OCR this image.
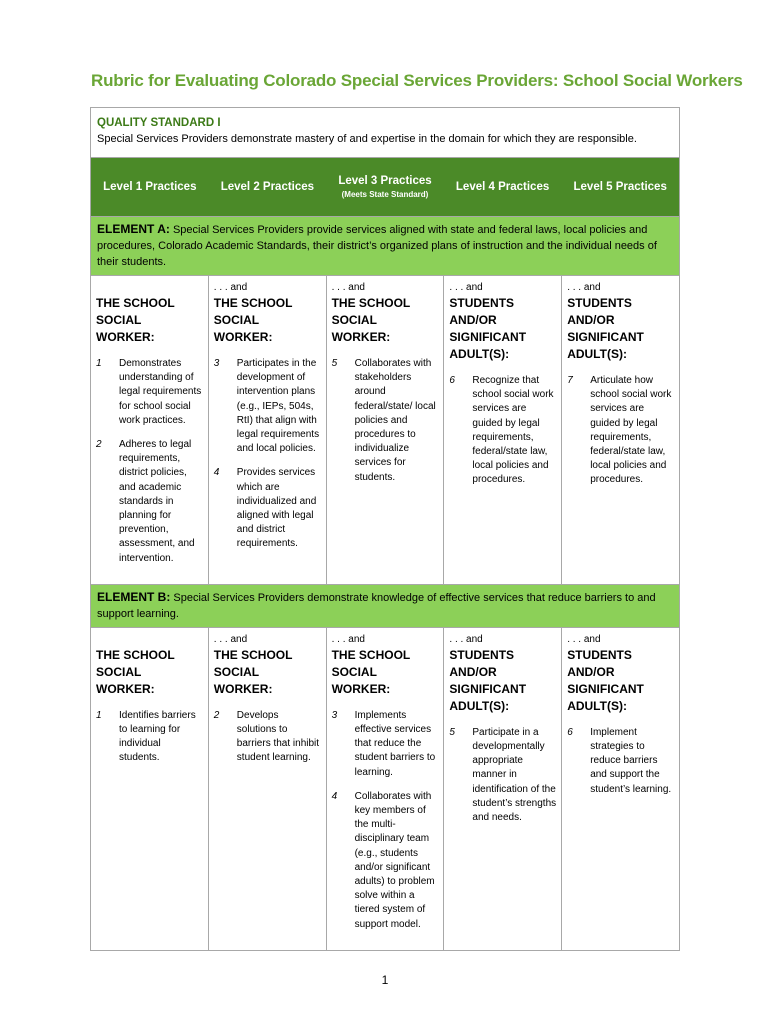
Rubric for Evaluating Colorado Special Services Providers: School Social Workers
QUALITY STANDARD I
Special Services Providers demonstrate mastery of and expertise in the domain for which they are responsible.
Level 1 Practices Level 2 Practices Level 3 Practices
(Meets State Standard)
Level 4 Practices Level 5 Practices
ELEMENT A: Special Services Providers provide services aligned with state and federal laws, local policies and procedures, Colorado Academic Standards, their district’s organized plans of instruction and the individual needs of their students.
THE SCHOOL SOCIAL WORKER:
1	Demonstrates understanding of legal requirements for school social work practices.
2	Adheres to legal requirements, district policies, and academic standards in planning for prevention, assessment, and intervention.
. . . and
THE SCHOOL SOCIAL WORKER:
3	Participates in the development of intervention plans (e.g., IEPs, 504s, RtI) that align with legal requirements and local policies.
4	Provides services which are individualized and aligned with legal and district requirements.
. . . and
THE SCHOOL SOCIAL WORKER:
5	Collaborates with stakeholders around federal/state/ local policies and procedures to individualize services for students.
. . . and
STUDENTS AND/OR SIGNIFICANT ADULT(S):
6	Recognize that school social work services are guided by legal requirements, federal/state law, local policies and procedures.
. . . and
STUDENTS AND/OR SIGNIFICANT ADULT(S):
7	Articulate how school social work services are guided by legal requirements, federal/state law, local policies and procedures.
ELEMENT B: Special Services Providers demonstrate knowledge of effective services that reduce barriers to and support learning.
THE SCHOOL SOCIAL WORKER:
1	Identifies barriers to learning for individual students.
. . . and
THE SCHOOL SOCIAL WORKER:
2	Develops solutions to barriers that inhibit student learning.
. . . and
THE SCHOOL SOCIAL WORKER:
3	Implements effective services that reduce the student barriers to learning.
4	Collaborates with key members of the multi-disciplinary team (e.g., students and/or significant adults) to problem solve within a tiered system of support model.
. . . and
STUDENTS AND/OR SIGNIFICANT ADULT(S):
5	Participate in a developmentally appropriate manner in identification of the student’s strengths and needs.
. . . and
STUDENTS AND/OR SIGNIFICANT ADULT(S):
6	Implement strategies to reduce barriers and support the student’s learning.
1
